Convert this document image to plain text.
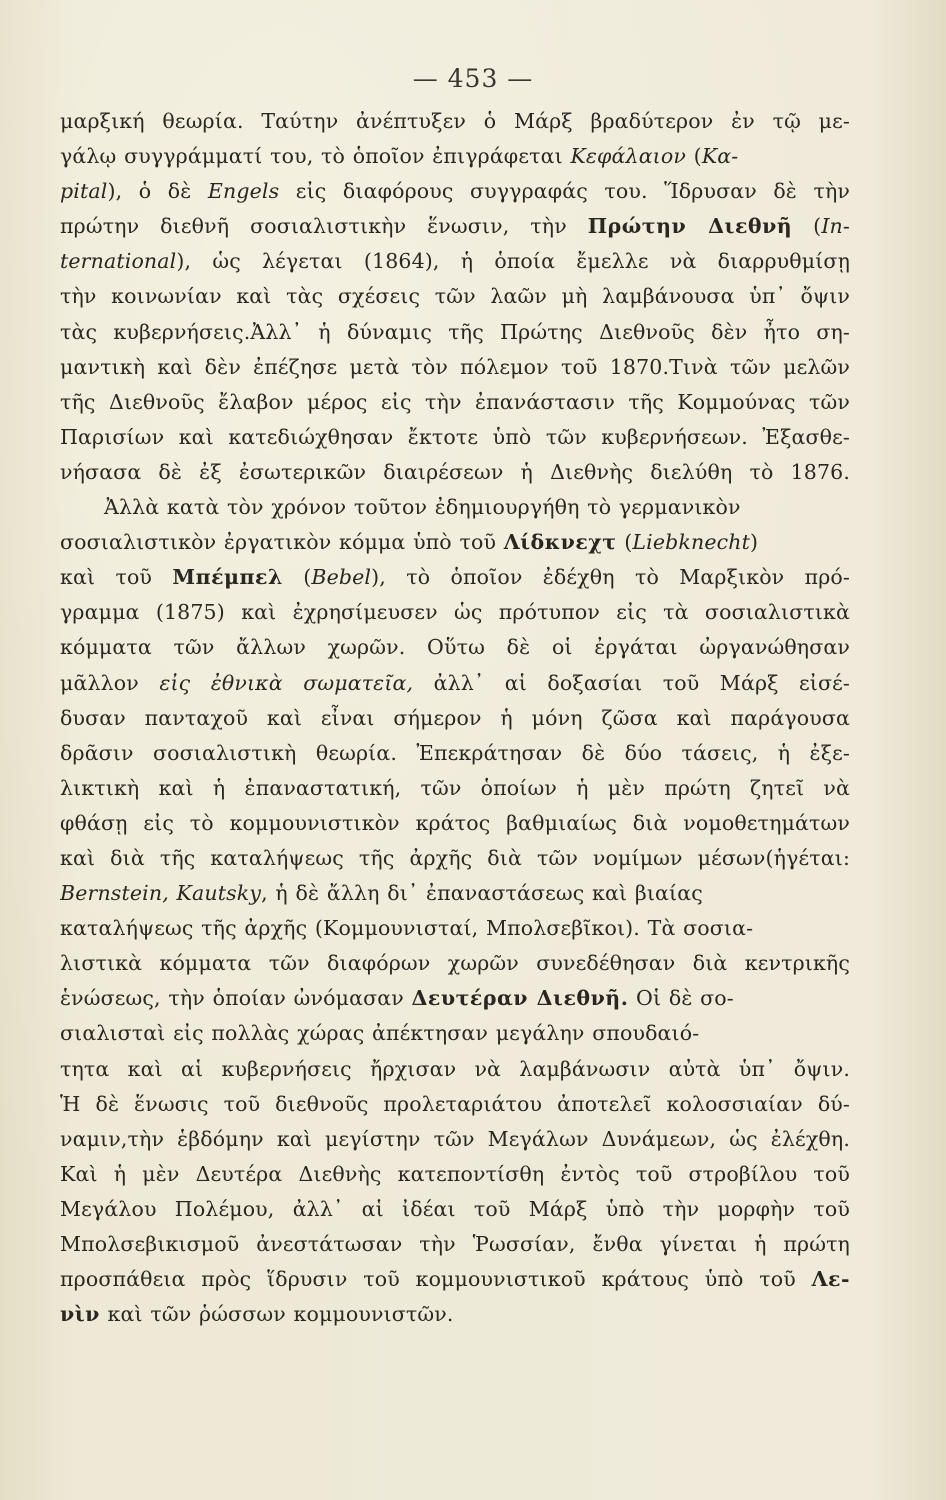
— 453 —
μαρξική θεωρία. Ταύτην ἀνέπτυξεν ὁ Μάρξ βραδύτερον ἐν τῷ με-
γάλῳ συγγράμματί του, τὸ ὁποῖον ἐπιγράφεται Κεφάλαιον (Κα-
pital), ὁ δὲ Engels εἰς διαφόρους συγγραφάς του. Ἵδρυσαν δὲ τὴν
πρώτην διεθνῆ σοσιαλιστικὴν ἕνωσιν, τὴν Πρώτην Διεθνῆ (In-
ternational), ὡς λέγεται (1864), ἡ ὁποία ἔμελλε νὰ διαρρυθμίσῃ
τὴν κοινωνίαν καὶ τὰς σχέσεις τῶν λαῶν μὴ λαμβάνουσα ὑπ᾿ ὄψιν
τὰς κυβερνήσεις.Ἀλλ᾿ ἡ δύναμις τῆς Πρώτης Διεθνοῦς δὲν ἦτο ση-
μαντικὴ καὶ δὲν ἐπέζησε μετὰ τὸν πόλεμον τοῦ 1870.Τινὰ τῶν μελῶν
τῆς Διεθνοῦς ἔλαβον μέρος εἰς τὴν ἐπανάστασιν τῆς Κομμούνας τῶν
Παρισίων καὶ κατεδιώχθησαν ἔκτοτε ὑπὸ τῶν κυβερνήσεων. Ἐξασθε-
νήσασα δὲ ἐξ ἐσωτερικῶν διαιρέσεων ἡ Διεθνὴς διελύθη τὸ 1876.
Ἀλλὰ κατὰ τὸν χρόνον τοῦτον ἐδημιουργήθη τὸ γερμανικὸν
σοσιαλιστικὸν ἐργατικὸν κόμμα ὑπὸ τοῦ Λίδκνεχτ (Liebknecht)
καὶ τοῦ Μπέμπελ (Bebel), τὸ ὁποῖον ἐδέχθη τὸ Μαρξικὸν πρό-
γραμμα (1875) καὶ ἐχρησίμευσεν ὡς πρότυπον εἰς τὰ σοσιαλιστικὰ
κόμματα τῶν ἄλλων χωρῶν. Οὕτω δὲ οἱ ἐργάται ὠργανώθησαν
μᾶλλον εἰς ἐθνικὰ σωματεῖα, ἀλλ᾿ αἱ δοξασίαι τοῦ Μάρξ εἰσέ-
δυσαν πανταχοῦ καὶ εἶναι σήμερον ἡ μόνη ζῶσα καὶ παράγουσα
δρᾶσιν σοσιαλιστικὴ θεωρία. Ἐπεκράτησαν δὲ δύο τάσεις, ἡ ἐξε-
λικτικὴ καὶ ἡ ἐπαναστατική, τῶν ὁποίων ἡ μὲν πρώτη ζητεῖ νὰ
φθάσῃ εἰς τὸ κομμουνιστικὸν κράτος βαθμιαίως διὰ νομοθετημάτων
καὶ διὰ τῆς καταλήψεως τῆς ἀρχῆς διὰ τῶν νομίμων μέσων(ἡγέται:
Bernstein, Kautsky, ἡ δὲ ἄλλη δι᾿ ἐπαναστάσεως καὶ βιαίας
καταλήψεως τῆς ἀρχῆς (Κομμουνισταί, Μπολσεβῖκοι). Τὰ σοσια-
λιστικὰ κόμματα τῶν διαφόρων χωρῶν συνεδέθησαν διὰ κεντρικῆς
ἑνώσεως, τὴν ὁποίαν ὠνόμασαν Δευτέραν Διεθνῆ. Οἱ δὲ σο-
σιαλισταὶ εἰς πολλὰς χώρας ἀπέκτησαν μεγάλην σπουδαιό-
τητα καὶ αἱ κυβερνήσεις ἤρχισαν νὰ λαμβάνωσιν αὐτὰ ὑπ᾿ ὄψιν.
Ἡ δὲ ἕνωσις τοῦ διεθνοῦς προλεταριάτου ἀποτελεῖ κολοσσιαίαν δύ-
ναμιν,τὴν ἑβδόμην καὶ μεγίστην τῶν Μεγάλων Δυνάμεων, ὡς ἐλέχθη.
Καὶ ἡ μὲν Δευτέρα Διεθνὴς κατεποντίσθη ἐντὸς τοῦ στροβίλου τοῦ
Μεγάλου Πολέμου, ἀλλ᾿ αἱ ἰδέαι τοῦ Μάρξ ὑπὸ τὴν μορφὴν τοῦ
Μπολσεβικισμοῦ ἀνεστάτωσαν τὴν Ῥωσσίαν, ἔνθα γίνεται ἡ πρώτη
προσπάθεια πρὸς ἵδρυσιν τοῦ κομμουνιστικοῦ κράτους ὑπὸ τοῦ Λε-
νὶν καὶ τῶν ῥώσσων κομμουνιστῶν.
